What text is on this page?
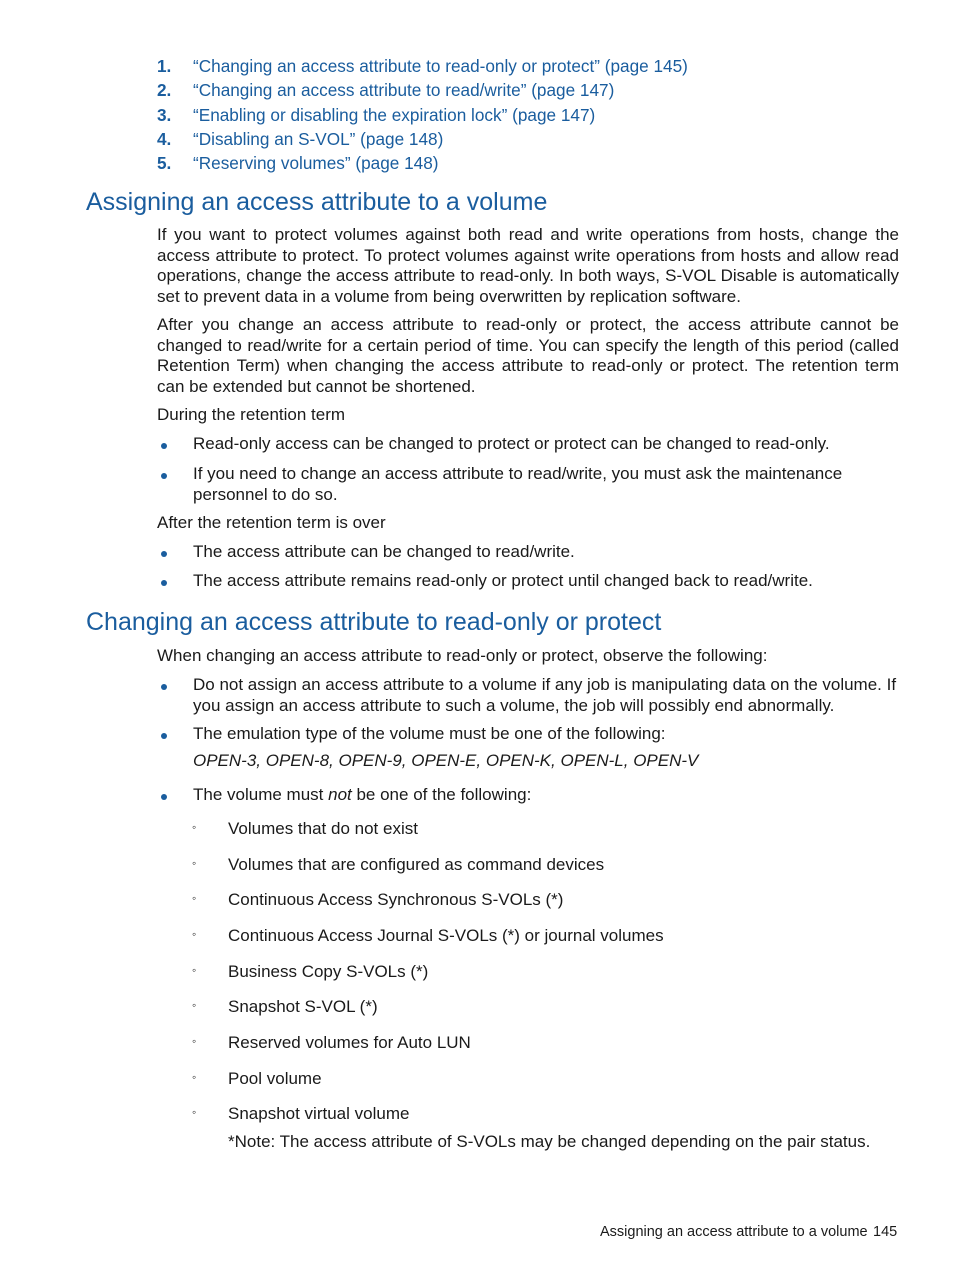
1.	“Changing an access attribute to read-only or protect” (page 145)
2.	“Changing an access attribute to read/write” (page 147)
3.	“Enabling or disabling the expiration lock” (page 147)
4.	“Disabling an S-VOL” (page 148)
5.	“Reserving volumes” (page 148)
Assigning an access attribute to a volume

If you want to protect volumes against both read and write operations from hosts, change the access attribute to protect. To protect volumes against write operations from hosts and allow read operations, change the access attribute to read-only. In both ways, S-VOL Disable is automatically set to prevent data in a volume from being overwritten by replication software.

After you change an access attribute to read-only or protect, the access attribute cannot be changed to read/write for a certain period of time. You can specify the length of this period (called Retention Term) when changing the access attribute to read-only or protect. The retention term can be extended but cannot be shortened.

During the retention term

Read-only access can be changed to protect or protect can be changed to read-only.
If you need to change an access attribute to read/write, you must ask the maintenance personnel to do so.

After the retention term is over

The access attribute can be changed to read/write.
The access attribute remains read-only or protect until changed back to read/write.
Changing an access attribute to read-only or protect

When changing an access attribute to read-only or protect, observe the following:

Do not assign an access attribute to a volume if any job is manipulating data on the volume. If you assign an access attribute to such a volume, the job will possibly end abnormally.
The emulation type of the volume must be one of the following:

OPEN-3, OPEN-8, OPEN-9, OPEN-E, OPEN-K, OPEN-L, OPEN-V

The volume must not be one of the following:
◦ Volumes that do not exist
◦ Volumes that are configured as command devices
◦ Continuous Access Synchronous S-VOLs (*)
◦ Continuous Access Journal S-VOLs (*) or journal volumes
◦ Business Copy S-VOLs (*)
◦ Snapshot S-VOL (*)
◦ Reserved volumes for Auto LUN
◦ Pool volume
◦ Snapshot virtual volume
*Note: The access attribute of S-VOLs may be changed depending on the pair status.
Assigning an access attribute to a volume 145
